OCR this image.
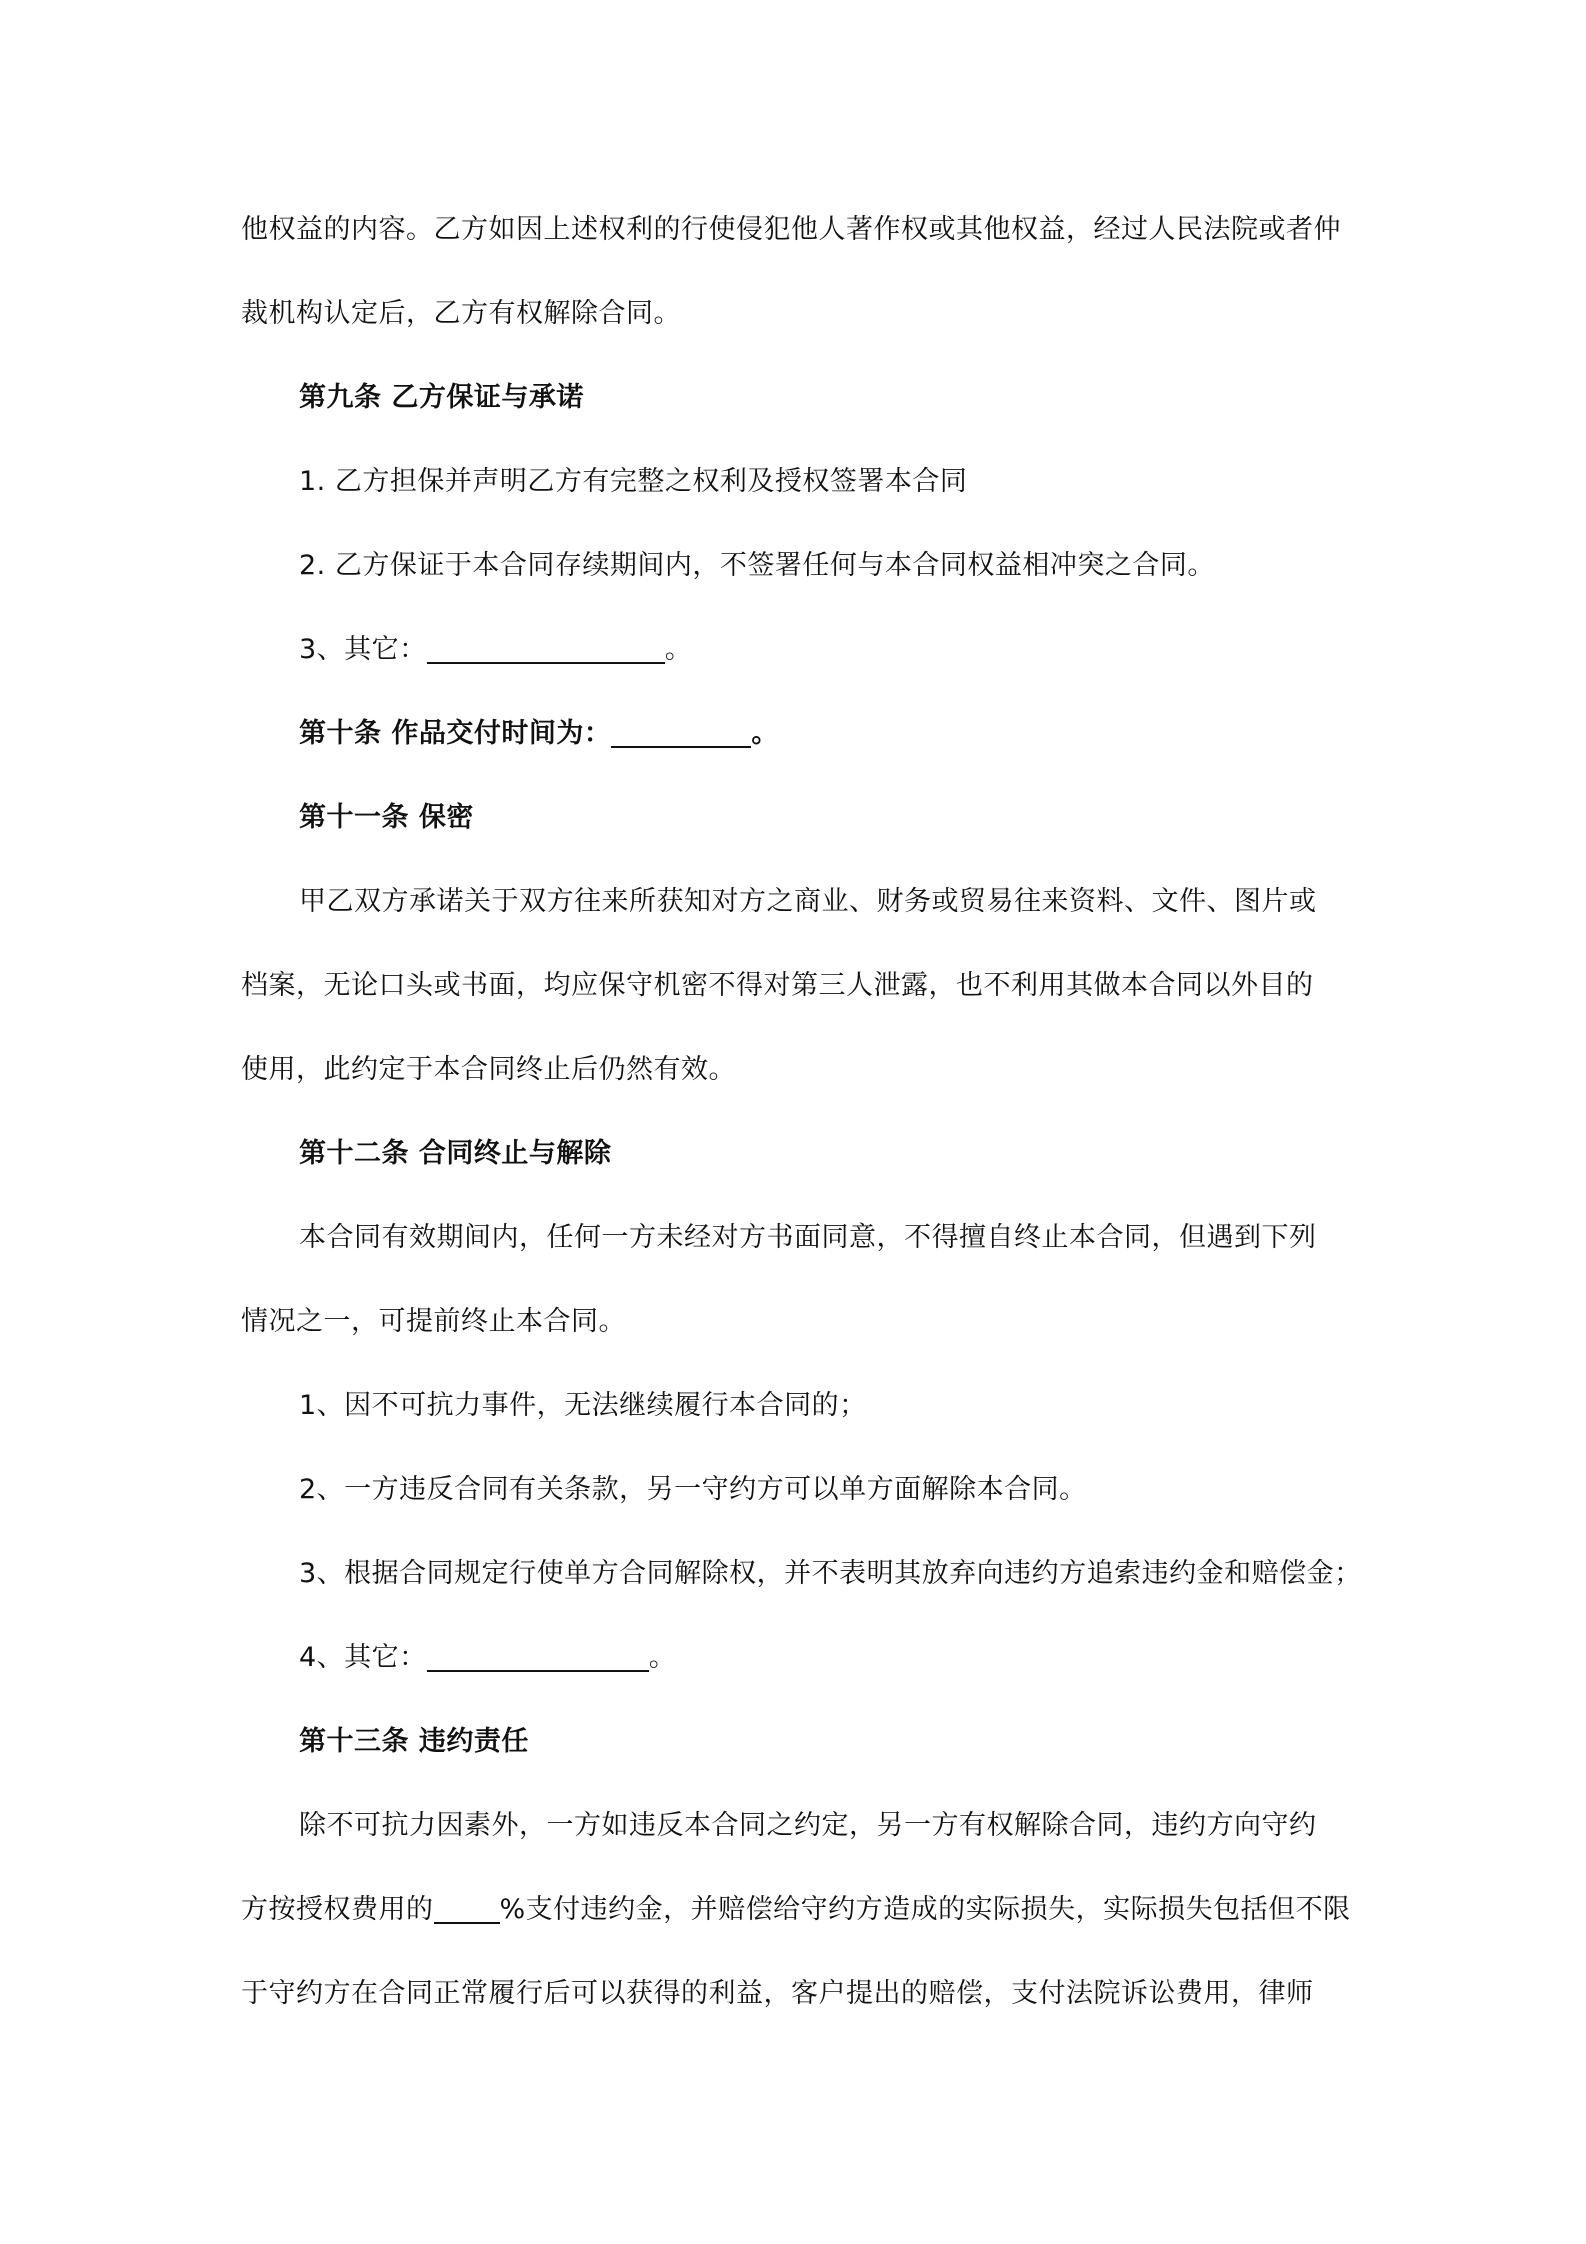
他权益的内容。乙方如因上述权利的行使侵犯他人著作权或其他权益，经过人民法院或者仲
裁机构认定后，乙方有权解除合同。
第九条 乙方保证与承诺
1. 乙方担保并声明乙方有完整之权利及授权签署本合同
2. 乙方保证于本合同存续期间内，不签署任何与本合同权益相冲突之合同。
3、其它：	。
第十条 作品交付时间为：	。
第十一条 保密
甲乙双方承诺关于双方往来所获知对方之商业、财务或贸易往来资料、文件、图片或
档案，无论口头或书面，均应保守机密不得对第三人泄露，也不利用其做本合同以外目的
使用，此约定于本合同终止后仍然有效。
第十二条 合同终止与解除
本合同有效期间内，任何一方未经对方书面同意，不得擅自终止本合同，但遇到下列
情况之一，可提前终止本合同。
1、因不可抗力事件，无法继续履行本合同的；
2、一方违反合同有关条款，另一守约方可以单方面解除本合同。
3、根据合同规定行使单方合同解除权，并不表明其放弃向违约方追索违约金和赔偿金；
4、其它：	。
第十三条 违约责任
除不可抗力因素外，一方如违反本合同之约定，另一方有权解除合同，违约方向守约
方按授权费用的 %支付违约金，并赔偿给守约方造成的实际损失，实际损失包括但不限
于守约方在合同正常履行后可以获得的利益，客户提出的赔偿，支付法院诉讼费用，律师
